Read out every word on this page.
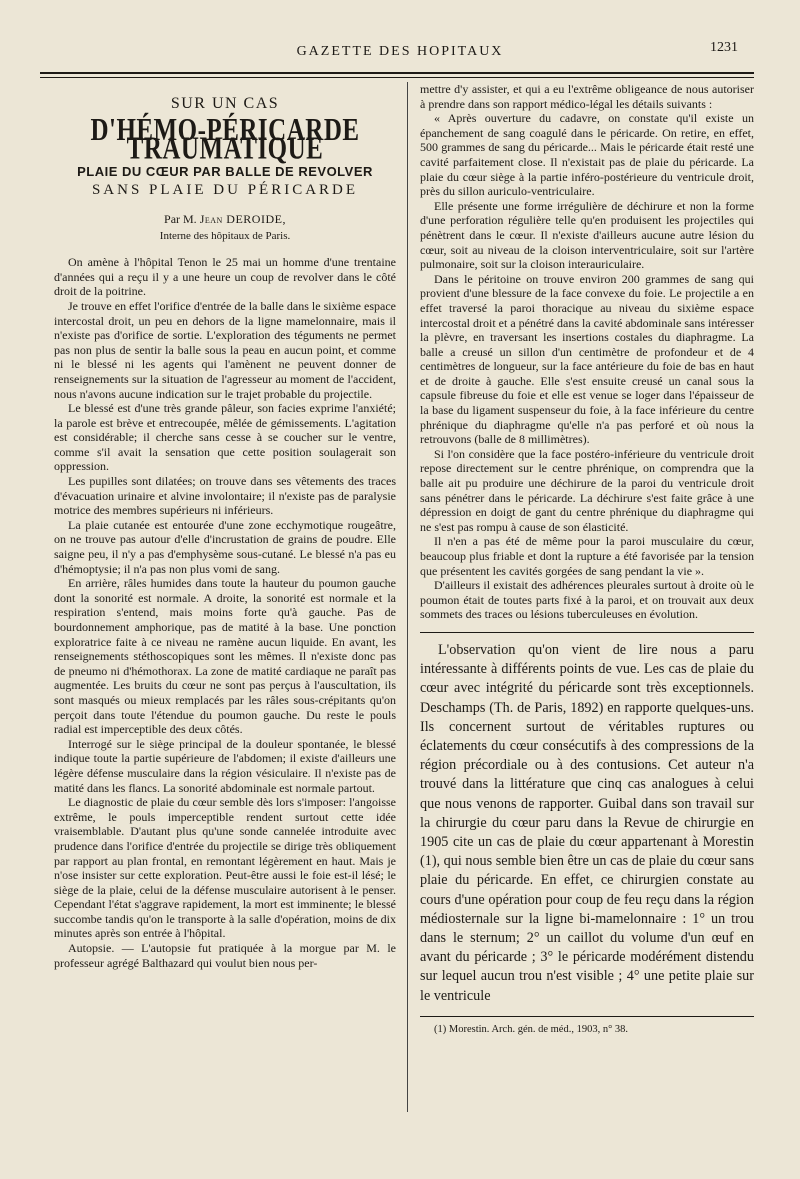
GAZETTE DES HOPITAUX	1231
SUR UN CAS
D'HÉMO-PÉRICARDE TRAUMATIQUE
PLAIE DU CŒUR PAR BALLE DE REVOLVER
SANS PLAIE DU PÉRICARDE
Par M. Jean DEROIDE,
Interne des hôpitaux de Paris.

On amène à l'hôpital Tenon le 25 mai un homme d'une trentaine d'années qui a reçu il y a une heure un coup de revolver dans le côté droit de la poitrine.

Je trouve en effet l'orifice d'entrée de la balle dans le sixième espace intercostal droit, un peu en dehors de la ligne mamelonnaire, mais il n'existe pas d'orifice de sortie. L'exploration des téguments ne permet pas non plus de sentir la balle sous la peau en aucun point, et comme ni le blessé ni les agents qui l'amènent ne peuvent donner de renseignements sur la situation de l'agresseur au moment de l'accident, nous n'avons aucune indication sur le trajet probable du projectile.

Le blessé est d'une très grande pâleur, son facies exprime l'anxiété; la parole est brève et entrecoupée, mêlée de gémissements. L'agitation est considérable; il cherche sans cesse à se coucher sur le ventre, comme s'il avait la sensation que cette position soulagerait son oppression.

Les pupilles sont dilatées; on trouve dans ses vêtements des traces d'évacuation urinaire et alvine involontaire; il n'existe pas de paralysie motrice des membres supérieurs ni inférieurs.

La plaie cutanée est entourée d'une zone ecchymotique rougeâtre, on ne trouve pas autour d'elle d'incrustation de grains de poudre. Elle saigne peu, il n'y a pas d'emphysème sous-cutané. Le blessé n'a pas eu d'hémoptysie; il n'a pas non plus vomi de sang.

En arrière, râles humides dans toute la hauteur du poumon gauche dont la sonorité est normale. A droite, la sonorité est normale et la respiration s'entend, mais moins forte qu'à gauche. Pas de bourdonnement amphorique, pas de matité à la base. Une ponction exploratrice faite à ce niveau ne ramène aucun liquide. En avant, les renseignements stéthoscopiques sont les mêmes. Il n'existe donc pas de pneumo ni d'hémothorax. La zone de matité cardiaque ne paraît pas augmentée. Les bruits du cœur ne sont pas perçus à l'auscultation, ils sont masqués ou mieux remplacés par les râles sous-crépitants qu'on perçoit dans toute l'étendue du poumon gauche. Du reste le pouls radial est imperceptible des deux côtés.

Interrogé sur le siège principal de la douleur spontanée, le blessé indique toute la partie supérieure de l'abdomen; il existe d'ailleurs une légère défense musculaire dans la région vésiculaire. Il n'existe pas de matité dans les flancs. La sonorité abdominale est normale partout.

Le diagnostic de plaie du cœur semble dès lors s'imposer: l'angoisse extrême, le pouls imperceptible rendent surtout cette idée vraisemblable. D'autant plus qu'une sonde cannelée introduite avec prudence dans l'orifice d'entrée du projectile se dirige très obliquement par rapport au plan frontal, en remontant légèrement en haut. Mais je n'ose insister sur cette exploration. Peut-être aussi le foie est-il lésé; le siège de la plaie, celui de la défense musculaire autorisent à le penser. Cependant l'état s'aggrave rapidement, la mort est imminente; le blessé succombe tandis qu'on le transporte à la salle d'opération, moins de dix minutes après son entrée à l'hôpital.

Autopsie. — L'autopsie fut pratiquée à la morgue par M. le professeur agrégé Balthazard qui voulut bien nous per-

mettre d'y assister, et qui a eu l'extrême obligeance de nous autoriser à prendre dans son rapport médico-légal les détails suivants :

« Après ouverture du cadavre, on constate qu'il existe un épanchement de sang coagulé dans le péricarde. On retire, en effet, 500 grammes de sang du péricarde... Mais le péricarde était resté une cavité parfaitement close. Il n'existait pas de plaie du péricarde. La plaie du cœur siège à la partie inféro-postérieure du ventricule droit, près du sillon auriculo-ventriculaire.

Elle présente une forme irrégulière de déchirure et non la forme d'une perforation régulière telle qu'en produisent les projectiles qui pénètrent dans le cœur. Il n'existe d'ailleurs aucune autre lésion du cœur, soit au niveau de la cloison interventriculaire, soit sur l'artère pulmonaire, soit sur la cloison interauriculaire.

Dans le péritoine on trouve environ 200 grammes de sang qui provient d'une blessure de la face convexe du foie. Le projectile a en effet traversé la paroi thoracique au niveau du sixième espace intercostal droit et a pénétré dans la cavité abdominale sans intéresser la plèvre, en traversant les insertions costales du diaphragme. La balle a creusé un sillon d'un centimètre de profondeur et de 4 centimètres de longueur, sur la face antérieure du foie de bas en haut et de droite à gauche. Elle s'est ensuite creusé un canal sous la capsule fibreuse du foie et elle est venue se loger dans l'épaisseur de la base du ligament suspenseur du foie, à la face inférieure du centre phrénique du diaphragme qu'elle n'a pas perforé et où nous la retrouvons (balle de 8 millimètres).

Si l'on considère que la face postéro-inférieure du ventricule droit repose directement sur le centre phrénique, on comprendra que la balle ait pu produire une déchirure de la paroi du ventricule droit sans pénétrer dans le péricarde. La déchirure s'est faite grâce à une dépression en doigt de gant du centre phrénique du diaphragme qui ne s'est pas rompu à cause de son élasticité.

Il n'en a pas été de même pour la paroi musculaire du cœur, beaucoup plus friable et dont la rupture a été favorisée par la tension que présentent les cavités gorgées de sang pendant la vie ».

D'ailleurs il existait des adhérences pleurales surtout à droite où le poumon était de toutes parts fixé à la paroi, et on trouvait aux deux sommets des traces ou lésions tuberculeuses en évolution.

L'observation qu'on vient de lire nous a paru intéressante à différents points de vue. Les cas de plaie du cœur avec intégrité du péricarde sont très exceptionnels. Deschamps (Th. de Paris, 1892) en rapporte quelques-uns. Ils concernent surtout de véritables ruptures ou éclatements du cœur consécutifs à des compressions de la région précordiale ou à des contusions. Cet auteur n'a trouvé dans la littérature que cinq cas analogues à celui que nous venons de rapporter. Guibal dans son travail sur la chirurgie du cœur paru dans la Revue de chirurgie en 1905 cite un cas de plaie du cœur appartenant à Morestin (1), qui nous semble bien être un cas de plaie du cœur sans plaie du péricarde. En effet, ce chirurgien constate au cours d'une opération pour coup de feu reçu dans la région médiosternale sur la ligne bi-mamelonnaire : 1° un trou dans le sternum; 2° un caillot du volume d'un œuf en avant du péricarde ; 3° le péricarde modérément distendu sur lequel aucun trou n'est visible ; 4° une petite plaie sur le ventricule

(1) Morestin. Arch. gén. de méd., 1903, n° 38.
